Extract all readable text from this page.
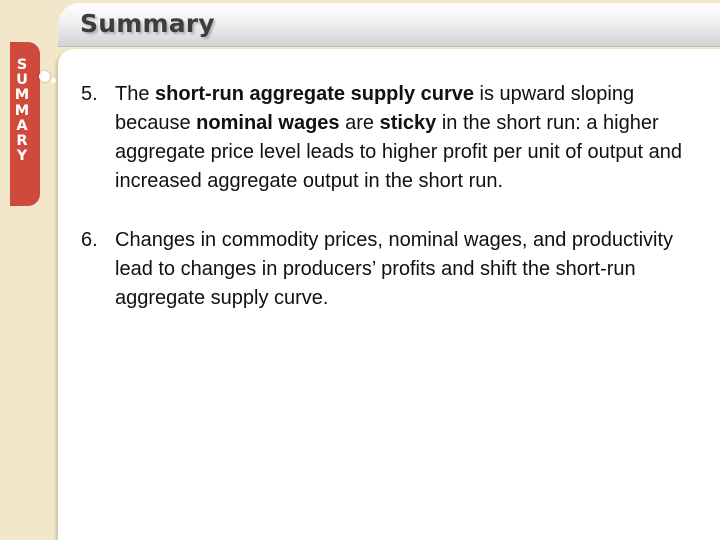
Summary
S
U
M
M
A
R
Y
5. The short-run aggregate supply curve is upward sloping because nominal wages are sticky in the short run: a higher aggregate price level leads to higher profit per unit of output and increased aggregate output in the short run.
6. Changes in commodity prices, nominal wages, and productivity lead to changes in producers’ profits and shift the short-run aggregate supply curve.
